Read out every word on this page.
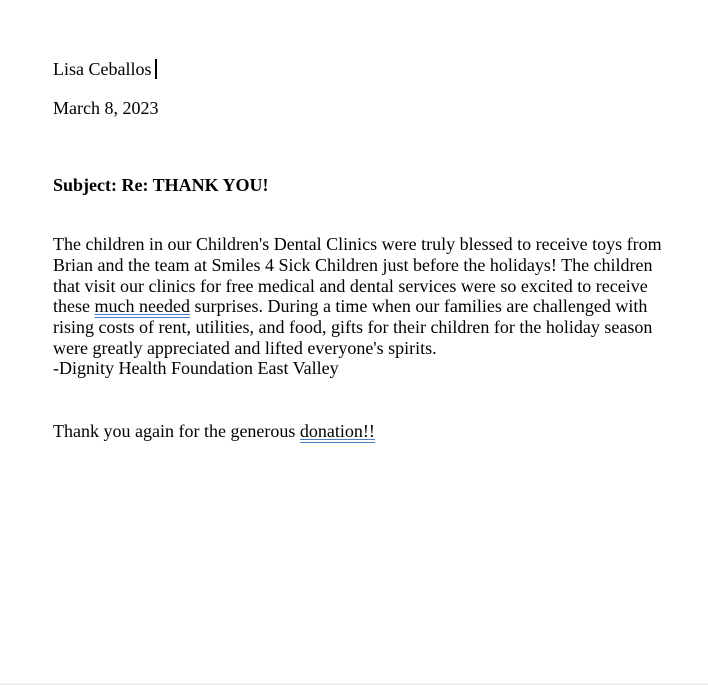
Lisa Ceballos
March 8, 2023
Subject: Re: THANK YOU!
The children in our Children's Dental Clinics were truly blessed to receive toys from
Brian and the team at Smiles 4 Sick Children just before the holidays! The children
that visit our clinics for free medical and dental services were so excited to receive
these much needed surprises. During a time when our families are challenged with
rising costs of rent, utilities, and food, gifts for their children for the holiday season
were greatly appreciated and lifted everyone's spirits.
-Dignity Health Foundation East Valley
Thank you again for the generous donation!!
